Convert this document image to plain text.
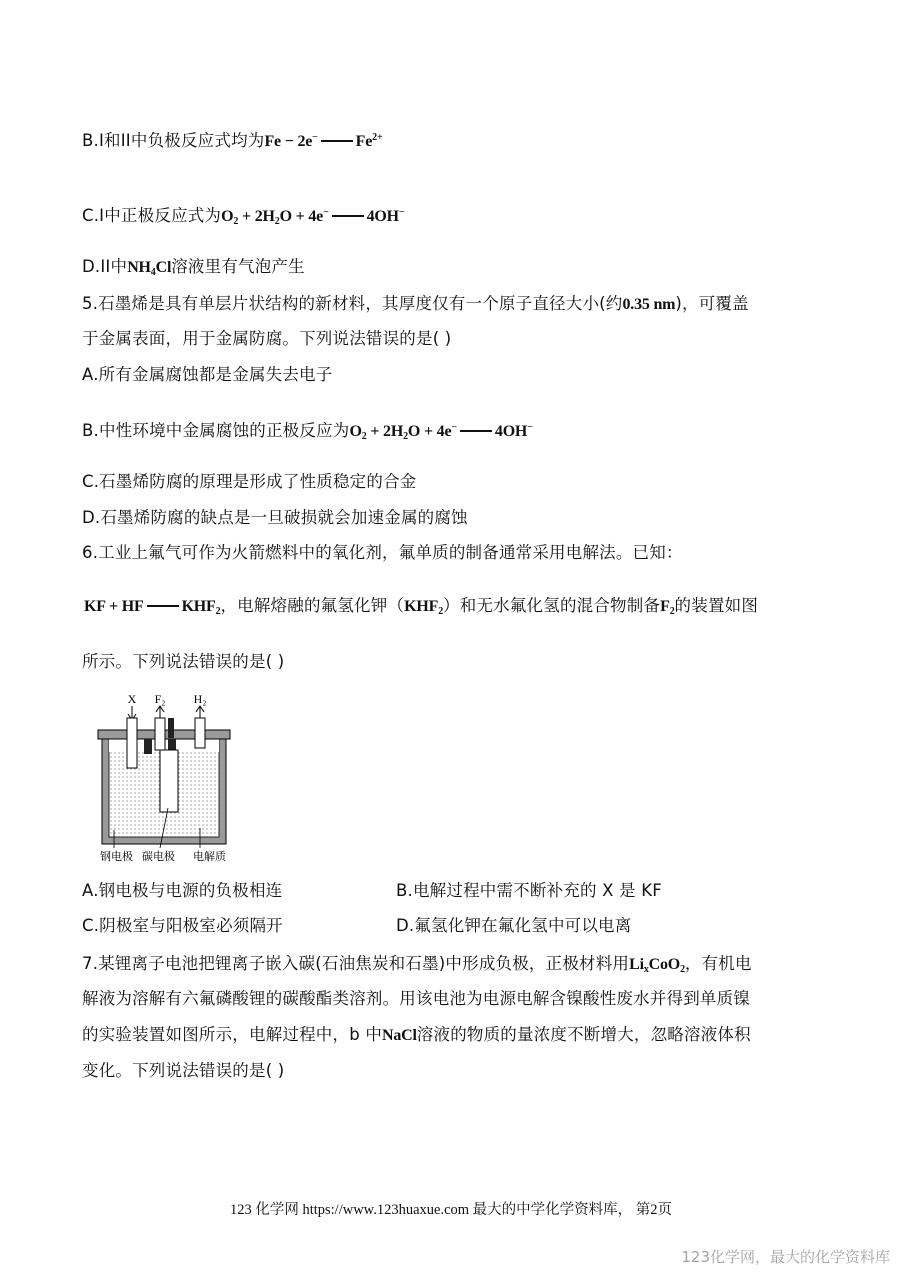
B.I和II中负极反应式均为Fe − 2e− $Fe^{2+}$
C.I中正极反应式为$O_2 + 2H_2O + 4e^-$ 4OH−
D.II中$NH_4Cl$溶液里有气泡产生
5.石墨烯是具有单层片状结构的新材料，其厚度仅有一个原子直径大小(约0.35 nm)，可覆盖
于金属表面，用于金属防腐。下列说法错误的是( )
A.所有金属腐蚀都是金属失去电子
B.中性环境中金属腐蚀的正极反应为$O_2 + 2H_2O + 4e^-$ 4OH−
C.石墨烯防腐的原理是形成了性质稳定的合金
D.石墨烯防腐的缺点是一旦破损就会加速金属的腐蚀
6.工业上氟气可作为火箭燃料中的氧化剂，氟单质的制备通常采用电解法。已知：
KF + HF $KHF_2$，电解熔融的氟氢化钾$(KHF_2)$和无水氟化氢的混合物制备$F_2$的装置如图
所示。下列说法错误的是( )
X F₂ H₂
钢电极 碳电极 电解质
A.钢电极与电源的负极相连	B.电解过程中需不断补充的 X 是 KF
C.阴极室与阳极室必须隔开	D.氟氢化钾在氟化氢中可以电离
7.某锂离子电池把锂离子嵌入碳(石油焦炭和石墨)中形成负极，正极材料用$Li_xCoO_2$，有机电
解液为溶解有六氟磷酸锂的碳酸酯类溶剂。用该电池为电源电解含镍酸性废水并得到单质镍
的实验装置如图所示，电解过程中，b 中NaCl溶液的物质的量浓度不断增大，忽略溶液体积
变化。下列说法错误的是( )
123 化学网 https://www.123huaxue.com 最大的中学化学资料库， 第2页
123化学网，最大的化学资料库
